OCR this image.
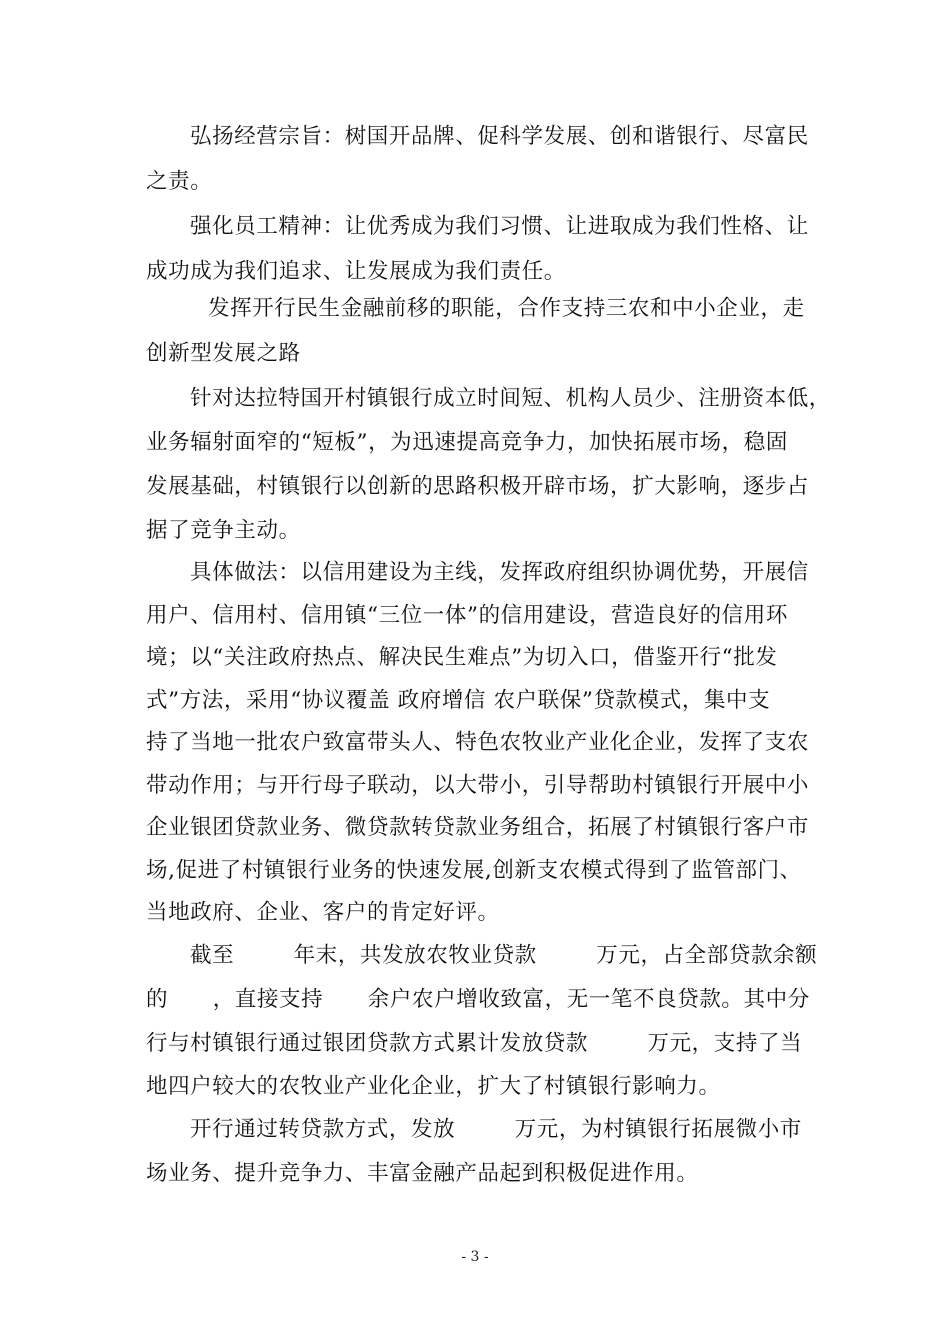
弘扬经营宗旨：树国开品牌、促科学发展、创和谐银行、尽富民
之责。
强化员工精神：让优秀成为我们习惯、让进取成为我们性格、让
成功成为我们追求、让发展成为我们责任。
发挥开行民生金融前移的职能，合作支持三农和中小企业，走
创新型发展之路
针对达拉特国开村镇银行成立时间短、机构人员少、注册资本低，
业务辐射面窄的“短板”，为迅速提高竞争力，加快拓展市场，稳固
发展基础，村镇银行以创新的思路积极开辟市场，扩大影响，逐步占
据了竞争主动。
具体做法：以信用建设为主线，发挥政府组织协调优势，开展信
用户、信用村、信用镇“三位一体”的信用建设，营造良好的信用环
境；以“关注政府热点、解决民生难点”为切入口，借鉴开行“批发
式”方法，采用“协议覆盖 政府增信 农户联保”贷款模式，集中支
持了当地一批农户致富带头人、特色农牧业产业化企业，发挥了支农
带动作用；与开行母子联动，以大带小，引导帮助村镇银行开展中小
企业银团贷款业务、微贷款转贷款业务组合，拓展了村镇银行客户市
场,促进了村镇银行业务的快速发展,创新支农模式得到了监管部门、
当地政府、企业、客户的肯定好评。
截至        年末，共发放农牧业贷款        万元，占全部贷款余额
的      ，直接支持      余户农户增收致富，无一笔不良贷款。其中分
行与村镇银行通过银团贷款方式累计发放贷款        万元，支持了当
地四户较大的农牧业产业化企业，扩大了村镇银行影响力。
开行通过转贷款方式，发放        万元，为村镇银行拓展微小市
场业务、提升竞争力、丰富金融产品起到积极促进作用。
- 3 -
